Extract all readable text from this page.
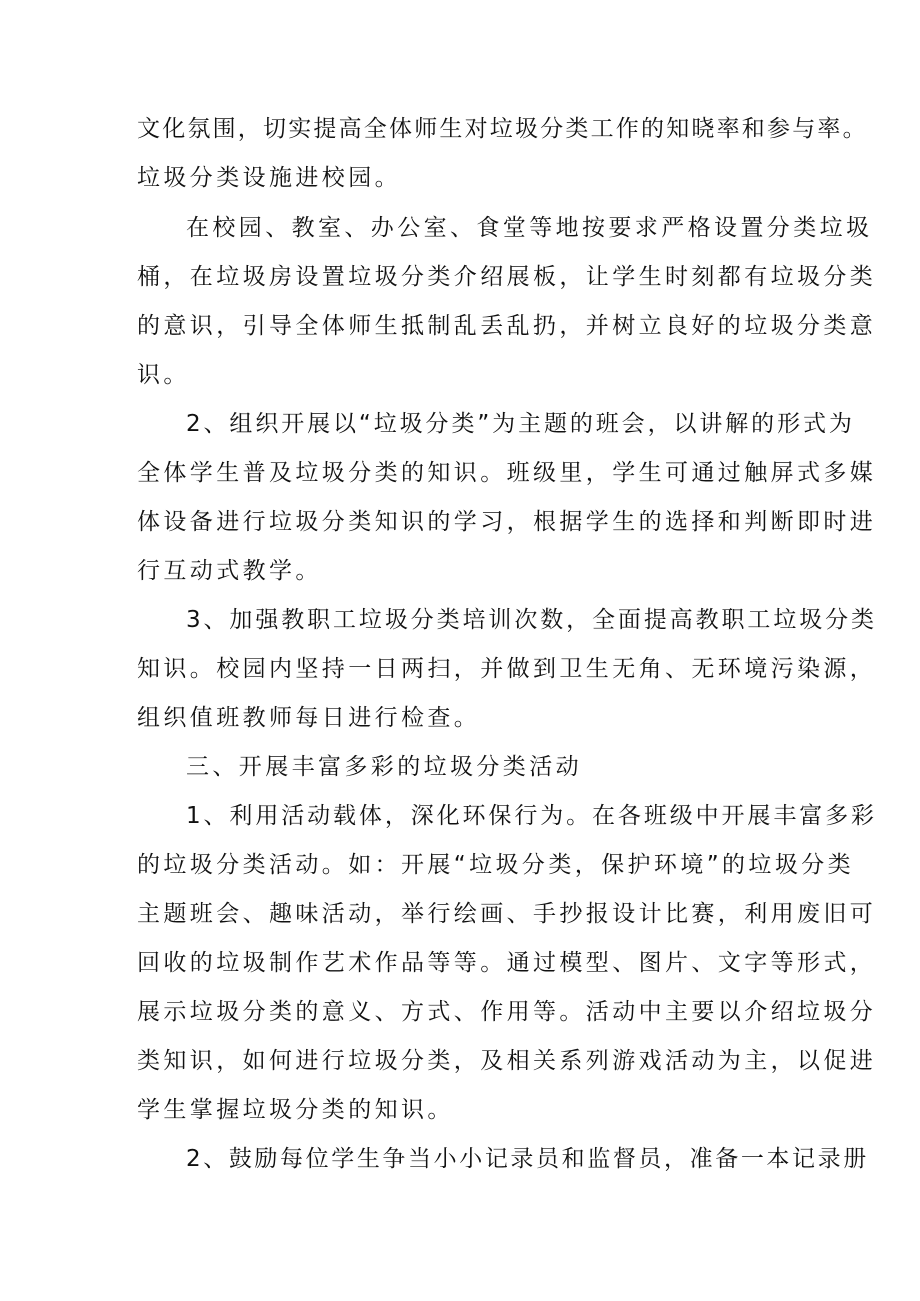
文化氛围，切实提高全体师生对垃圾分类工作的知晓率和参与率。

垃圾分类设施进校园。

在校园、教室、办公室、食堂等地按要求严格设置分类垃圾

桶，在垃圾房设置垃圾分类介绍展板，让学生时刻都有垃圾分类

的意识，引导全体师生抵制乱丢乱扔，并树立良好的垃圾分类意

识。

2、组织开展以“垃圾分类”为主题的班会，以讲解的形式为

全体学生普及垃圾分类的知识。班级里，学生可通过触屏式多媒

体设备进行垃圾分类知识的学习，根据学生的选择和判断即时进

行互动式教学。

3、加强教职工垃圾分类培训次数，全面提高教职工垃圾分类

知识。校园内坚持一日两扫，并做到卫生无角、无环境污染源，

组织值班教师每日进行检查。

三、开展丰富多彩的垃圾分类活动

1、利用活动载体，深化环保行为。在各班级中开展丰富多彩

的垃圾分类活动。如：开展“垃圾分类，保护环境”的垃圾分类

主题班会、趣味活动，举行绘画、手抄报设计比赛，利用废旧可

回收的垃圾制作艺术作品等等。通过模型、图片、文字等形式，

展示垃圾分类的意义、方式、作用等。活动中主要以介绍垃圾分

类知识，如何进行垃圾分类，及相关系列游戏活动为主，以促进

学生掌握垃圾分类的知识。

2、鼓励每位学生争当小小记录员和监督员，准备一本记录册
